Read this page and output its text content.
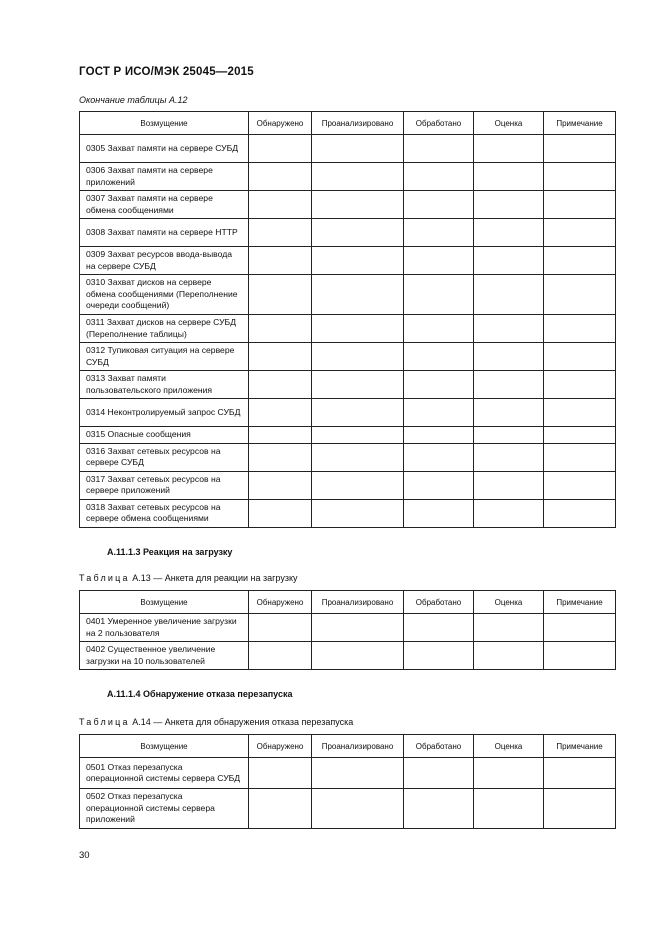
ГОСТ Р ИСО/МЭК 25045—2015
Окончание таблицы А.12
Возмущение	Обнаружено	Проанализировано	Обработано	Оценка	Примечание
0305 Захват памяти на сервере СУБД					
0306 Захват памяти на сервере приложений					
0307 Захват памяти на сервере обмена сообщениями					
0308 Захват памяти на сервере НТТР					
0309 Захват ресурсов ввода-вывода на сервере СУБД					
0310 Захват дисков на сервере обмена сообщениями (Переполнение очереди сообщений)					
0311 Захват дисков на сервере СУБД (Переполнение таблицы)					
0312 Тупиковая ситуация на сервере СУБД					
0313 Захват памяти пользовательского приложения					
0314 Неконтролируемый запрос СУБД					
0315 Опасные сообщения					
0316 Захват сетевых ресурсов на сервере СУБД					
0317 Захват сетевых ресурсов на сервере приложений					
0318 Захват сетевых ресурсов на сервере обмена сообщениями					
А.11.1.3 Реакция на загрузку
Таблица А.13 — Анкета для реакции на загрузку
Возмущение	Обнаружено	Проанализировано	Обработано	Оценка	Примечание
0401 Умеренное увеличение загрузки на 2 пользователя					
0402 Существенное увеличение загрузки на 10 пользователей					
А.11.1.4 Обнаружение отказа перезапуска
Таблица А.14 — Анкета для обнаружения отказа перезапуска
Возмущение	Обнаружено	Проанализировано	Обработано	Оценка	Примечание
0501 Отказ перезапуска операционной системы сервера СУБД					
0502 Отказ перезапуска операционной системы сервера приложений					
30
